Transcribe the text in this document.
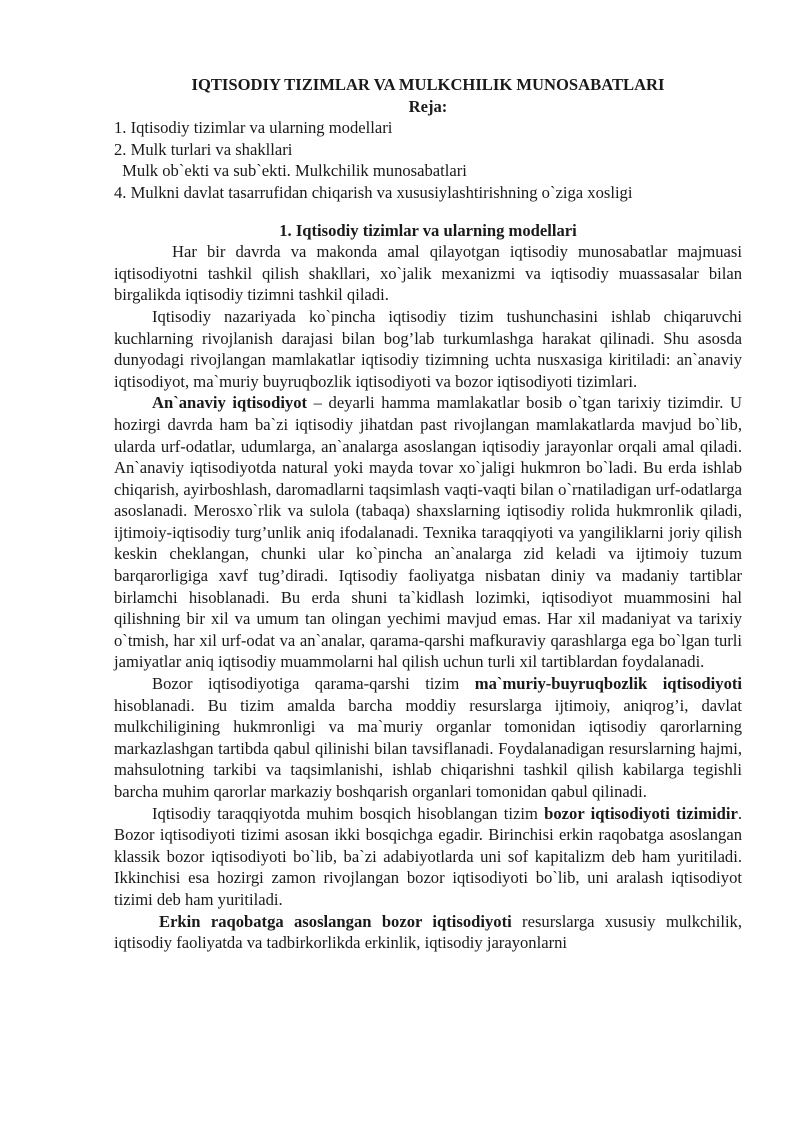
IQTISODIY TIZIMLAR VA MULKCHILIK MUNOSABATLARI
Reja:
1. Iqtisodiy tizimlar va ularning modellari
2. Mulk turlari va shakllari
Mulk ob`ekti va sub`ekti. Mulkchilik munosabatlari
4. Mulkni davlat tasarrufidan chiqarish va xususiylashtirishning o`ziga xosligi
1. Iqtisodiy tizimlar va ularning modellari

Har bir davrda va makonda amal qilayotgan iqtisodiy munosabatlar majmuasi iqtisodiyotni tashkil qilish shakllari, xo`jalik mexanizmi va iqtisodiy muassasalar bilan birgalikda iqtisodiy tizimni tashkil qiladi.

Iqtisodiy nazariyada ko`pincha iqtisodiy tizim tushunchasini ishlab chiqaruvchi kuchlarning rivojlanish darajasi bilan bog’lab turkumlashga harakat qilinadi. Shu asosda dunyodagi rivojlangan mamlakatlar iqtisodiy tizimning uchta nusxasiga kiritiladi: an`anaviy iqtisodiyot, ma`muriy buyruqbozlik iqtisodiyoti va bozor iqtisodiyoti tizimlari.

An`anaviy iqtisodiyot – deyarli hamma mamlakatlar bosib o`tgan tarixiy tizimdir. U hozirgi davrda ham ba`zi iqtisodiy jihatdan past rivojlangan mamlakatlarda mavjud bo`lib, ularda urf-odatlar, udumlarga, an`analarga asoslangan iqtisodiy jarayonlar orqali amal qiladi. An`anaviy iqtisodiyotda natural yoki mayda tovar xo`jaligi hukmron bo`ladi. Bu erda ishlab chiqarish, ayirboshlash, daromadlarni taqsimlash vaqti-vaqti bilan o`rnatiladigan urf-odatlarga asoslanadi. Merosxo`rlik va sulola (tabaqa) shaxslarning iqtisodiy rolida hukmronlik qiladi, ijtimoiy-iqtisodiy turg’unlik aniq ifodalanadi. Texnika taraqqiyoti va yangiliklarni joriy qilish keskin cheklangan, chunki ular ko`pincha an`analarga zid keladi va ijtimoiy tuzum barqarorligiga xavf tug’diradi. Iqtisodiy faoliyatga nisbatan diniy va madaniy tartiblar birlamchi hisoblanadi. Bu erda shuni ta`kidlash lozimki, iqtisodiyot muammosini hal qilishning bir xil va umum tan olingan yechimi mavjud emas. Har xil madaniyat va tarixiy o`tmish, har xil urf-odat va an`analar, qarama-qarshi mafkuraviy qarashlarga ega bo`lgan turli jamiyatlar aniq iqtisodiy muammolarni hal qilish uchun turli xil tartiblardan foydalanadi.

Bozor iqtisodiyotiga qarama-qarshi tizim ma`muriy-buyruqbozlik iqtisodiyoti hisoblanadi. Bu tizim amalda barcha moddiy resurslarga ijtimoiy, aniqrog’i, davlat mulkchiligining hukmronligi va ma`muriy organlar tomonidan iqtisodiy qarorlarning markazlashgan tartibda qabul qilinishi bilan tavsiflanadi. Foydalanadigan resurslarning hajmi, mahsulotning tarkibi va taqsimlanishi, ishlab chiqarishni tashkil qilish kabilarga tegishli barcha muhim qarorlar markaziy boshqarish organlari tomonidan qabul qilinadi.

Iqtisodiy taraqqiyotda muhim bosqich hisoblangan tizim bozor iqtisodiyoti tizimidir. Bozor iqtisodiyoti tizimi asosan ikki bosqichga egadir. Birinchisi erkin raqobatga asoslangan klassik bozor iqtisodiyoti bo`lib, ba`zi adabiyotlarda uni sof kapitalizm deb ham yuritiladi. Ikkinchisi esa hozirgi zamon rivojlangan bozor iqtisodiyoti bo`lib, uni aralash iqtisodiyot tizimi deb ham yuritiladi.

Erkin raqobatga asoslangan bozor iqtisodiyoti resurslarga xususiy mulkchilik, iqtisodiy faoliyatda va tadbirkorlikda erkinlik, iqtisodiy jarayonlarni
